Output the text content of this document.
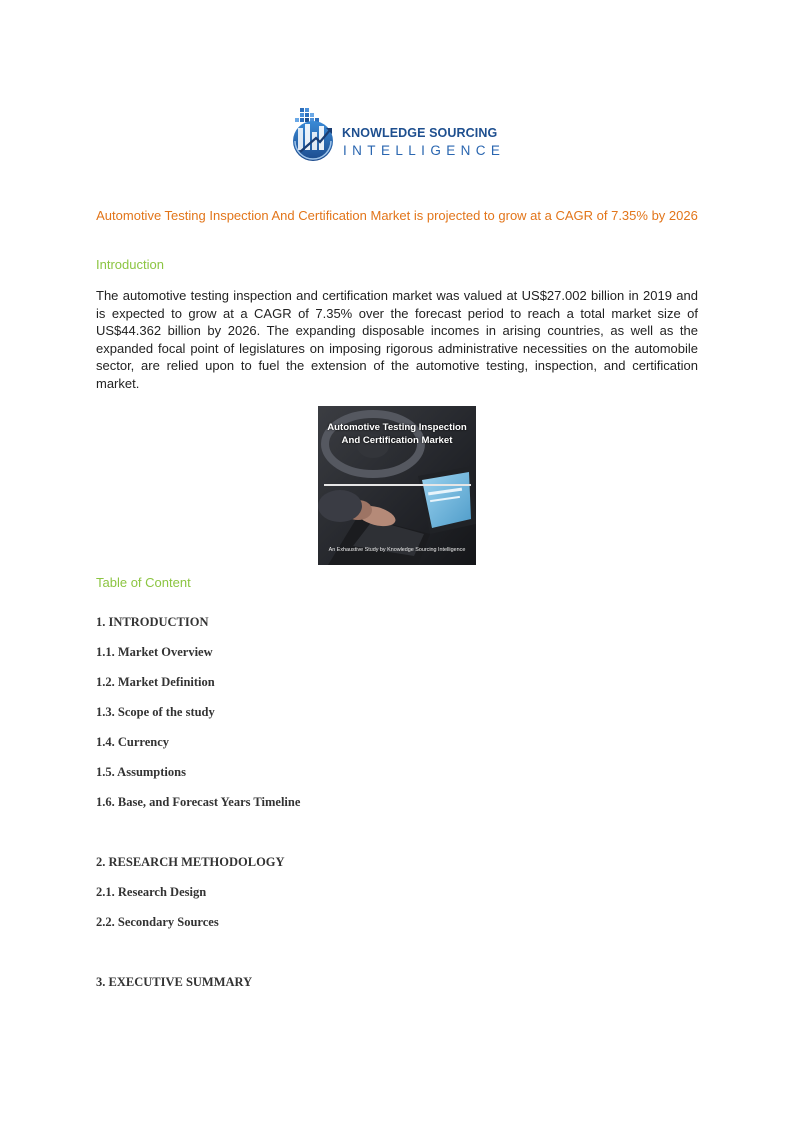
KNOWLEDGE SOURCING
INTELLIGENCE
Automotive Testing Inspection And Certification Market is projected to grow at a CAGR of 7.35% by 2026
Introduction
The automotive testing inspection and certification market was valued at US$27.002 billion in 2019 and is expected to grow at a CAGR of 7.35% over the forecast period to reach a total market size of US$44.362 billion by 2026. The expanding disposable incomes in arising countries, as well as the expanded focal point of legislatures on imposing rigorous administrative necessities on the automobile sector, are relied upon to fuel the extension of the automotive testing, inspection, and certification market.
Automotive Testing Inspection And Certification Market
An Exhaustive Study by Knowledge Sourcing Intelligence
Table of Content
1. INTRODUCTION
1.1. Market Overview
1.2. Market Definition
1.3. Scope of the study
1.4. Currency
1.5. Assumptions
1.6. Base, and Forecast Years Timeline
2. RESEARCH METHODOLOGY
2.1. Research Design
2.2. Secondary Sources
3. EXECUTIVE SUMMARY
